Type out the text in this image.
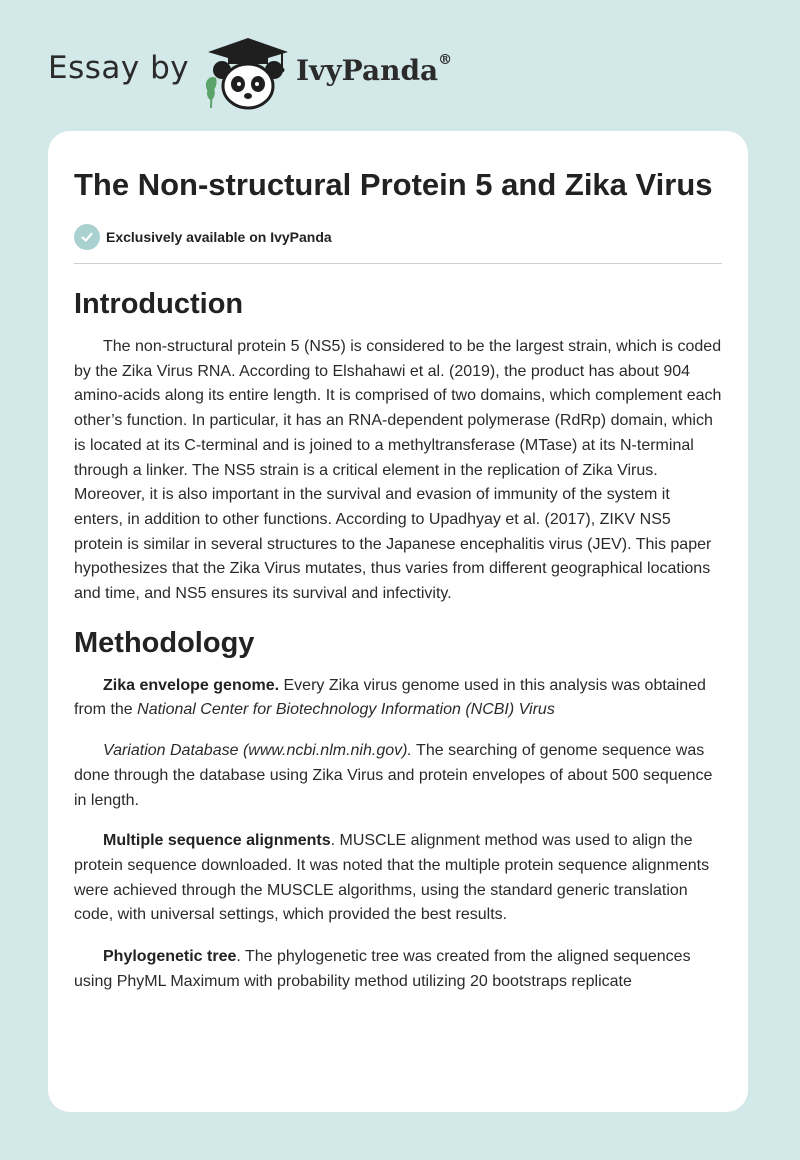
Essay by	IvyPanda®
The Non-structural Protein 5 and Zika Virus
Exclusively available on IvyPanda
Introduction

The non-structural protein 5 (NS5) is considered to be the largest strain, which is coded by the Zika Virus RNA. According to Elshahawi et al. (2019), the product has about 904 amino-acids along its entire length. It is comprised of two domains, which complement each other’s function. In particular, it has an RNA-dependent polymerase (RdRp) domain, which is located at its C-terminal and is joined to a methyltransferase (MTase) at its N-terminal through a linker. The NS5 strain is a critical element in the replication of Zika Virus. Moreover, it is also important in the survival and evasion of immunity of the system it enters, in addition to other functions. According to Upadhyay et al. (2017), ZIKV NS5 protein is similar in several structures to the Japanese encephalitis virus (JEV). This paper hypothesizes that the Zika Virus mutates, thus varies from different geographical locations and time, and NS5 ensures its survival and infectivity.

Methodology

Zika envelope genome. Every Zika virus genome used in this analysis was obtained from the National Center for Biotechnology Information (NCBI) Virus

Variation Database (www.ncbi.nlm.nih.gov). The searching of genome sequence was done through the database using Zika Virus and protein envelopes of about 500 sequence in length.

Multiple sequence alignments. MUSCLE alignment method was used to align the protein sequence downloaded. It was noted that the multiple protein sequence alignments were achieved through the MUSCLE algorithms, using the standard generic translation code, with universal settings, which provided the best results.

Phylogenetic tree. The phylogenetic tree was created from the aligned sequences using PhyML Maximum with probability method utilizing 20 bootstraps replicate
